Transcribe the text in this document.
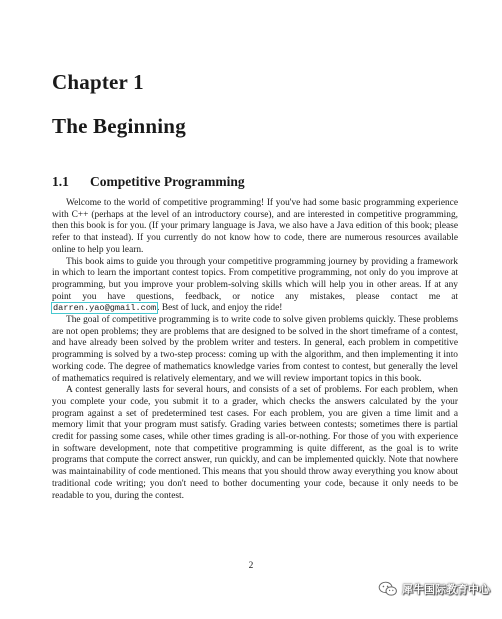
Chapter 1
The Beginning
1.1 Competitive Programming

Welcome to the world of competitive programming! If you've had some basic programming experience with C++ (perhaps at the level of an introductory course), and are interested in competitive programming, then this book is for you. (If your primary language is Java, we also have a Java edition of this book; please refer to that instead). If you currently do not know how to code, there are numerous resources available online to help you learn.

This book aims to guide you through your competitive programming journey by providing a framework in which to learn the important contest topics. From competitive programming, not only do you improve at programming, but you improve your problem-solving skills which will help you in other areas. If at any point you have questions, feedback, or notice any mistakes, please contact me at darren.yao@gmail.com. Best of luck, and enjoy the ride!

The goal of competitive programming is to write code to solve given problems quickly. These problems are not open problems; they are problems that are designed to be solved in the short timeframe of a contest, and have already been solved by the problem writer and testers. In general, each problem in competitive programming is solved by a two-step process: coming up with the algorithm, and then implementing it into working code. The degree of mathematics knowledge varies from contest to contest, but generally the level of mathematics required is relatively elementary, and we will review important topics in this book.

A contest generally lasts for several hours, and consists of a set of problems. For each problem, when you complete your code, you submit it to a grader, which checks the answers calculated by the your program against a set of predetermined test cases. For each problem, you are given a time limit and a memory limit that your program must satisfy. Grading varies between contests; sometimes there is partial credit for passing some cases, while other times grading is all-or-nothing. For those of you with experience in software development, note that competitive programming is quite different, as the goal is to write programs that compute the correct answer, run quickly, and can be implemented quickly. Note that nowhere was maintainability of code mentioned. This means that you should throw away everything you know about traditional code writing; you don't need to bother documenting your code, because it only needs to be readable to you, during the contest.

2
犀牛国际教育中心
